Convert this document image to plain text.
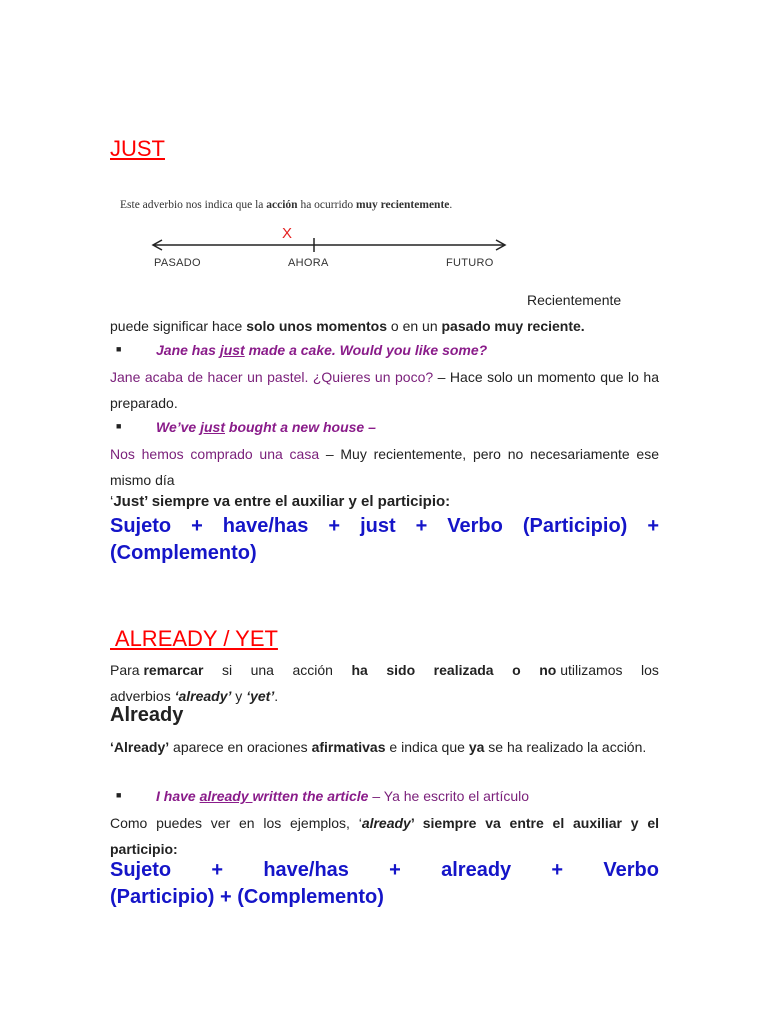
JUST
Este adverbio nos indica que la acción ha ocurrido muy recientemente.
X
PASADO	AHORA	FUTURO
Recientemente
puede significar hace solo unos momentos o en un pasado muy reciente.
■ Jane has just made a cake. Would you like some?
Jane acaba de hacer un pastel. ¿Quieres un poco? – Hace solo un momento que lo ha preparado.
■ We’ve just bought a new house –
Nos hemos comprado una casa – Muy recientemente, pero no necesariamente ese mismo día
‘Just’ siempre va entre el auxiliar y el participio:
Sujeto + have/has + just + Verbo (Participio) + (Complemento)
ALREADY / YET
Para remarcar si una acción ha sido realizada o no utilizamos los
adverbios ‘already’ y ‘yet’.
Already
‘Already’ aparece en oraciones afirmativas e indica que ya se ha realizado la acción.
■ I have already written the article – Ya he escrito el artículo
Como puedes ver en los ejemplos, ‘already’ siempre va entre el auxiliar y el participio:
Sujeto + have/has + already + Verbo
(Participio) + (Complemento)
